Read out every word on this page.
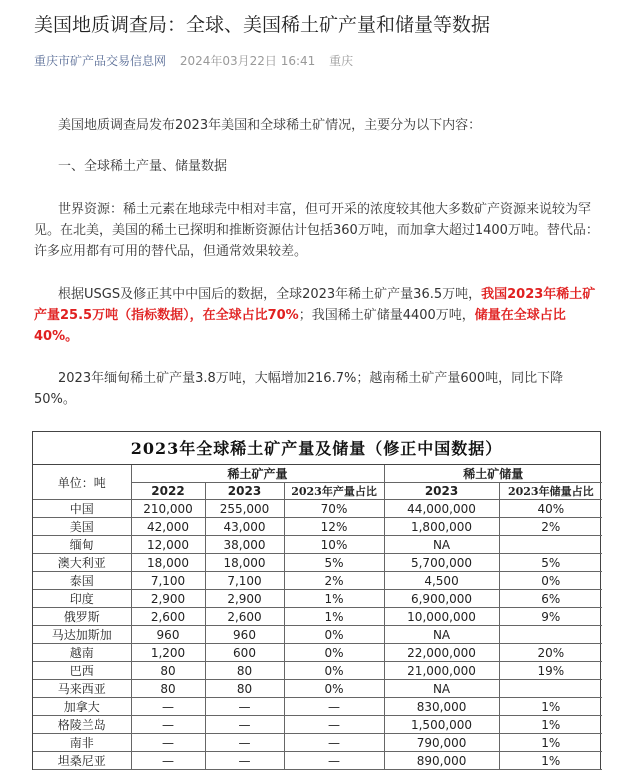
美国地质调查局：全球、美国稀土矿产量和储量等数据
重庆市矿产品交易信息网 2024年03月22日 16:41 重庆
美国地质调查局发布2023年美国和全球稀土矿情况，主要分为以下内容：
一、全球稀土产量、储量数据
世界资源：稀土元素在地球壳中相对丰富，但可开采的浓度较其他大多数矿产资源来说较为罕见。在北美，美国的稀土已探明和推断资源估计包括360万吨，而加拿大超过1400万吨。替代品：许多应用都有可用的替代品，但通常效果较差。
根据USGS及修正其中中国后的数据，全球2023年稀土矿产量36.5万吨，我国2023年稀土矿产量25.5万吨（指标数据），在全球占比70%；我国稀土矿储量4400万吨，储量在全球占比40%。
2023年缅甸稀土矿产量3.8万吨，大幅增加216.7%；越南稀土矿产量600吨，同比下降50%。
2023年全球稀土矿产量及储量（修正中国数据）
单位：吨	稀土矿产量			稀土矿储量	
	2022	2023	2023年产量占比	2023	2023年储量占比
中国	210,000	255,000	70%	44,000,000	40%
美国	42,000	43,000	12%	1,800,000	2%
缅甸	12,000	38,000	10%	NA	
澳大利亚	18,000	18,000	5%	5,700,000	5%
泰国	7,100	7,100	2%	4,500	0%
印度	2,900	2,900	1%	6,900,000	6%
俄罗斯	2,600	2,600	1%	10,000,000	9%
马达加斯加	960	960	0%	NA	
越南	1,200	600	0%	22,000,000	20%
巴西	80	80	0%	21,000,000	19%
马来西亚	80	80	0%	NA	
加拿大	—	—	—	830,000	1%
格陵兰岛	—	—	—	1,500,000	1%
南非	—	—	—	790,000	1%
坦桑尼亚	—	—	—	890,000	1%
